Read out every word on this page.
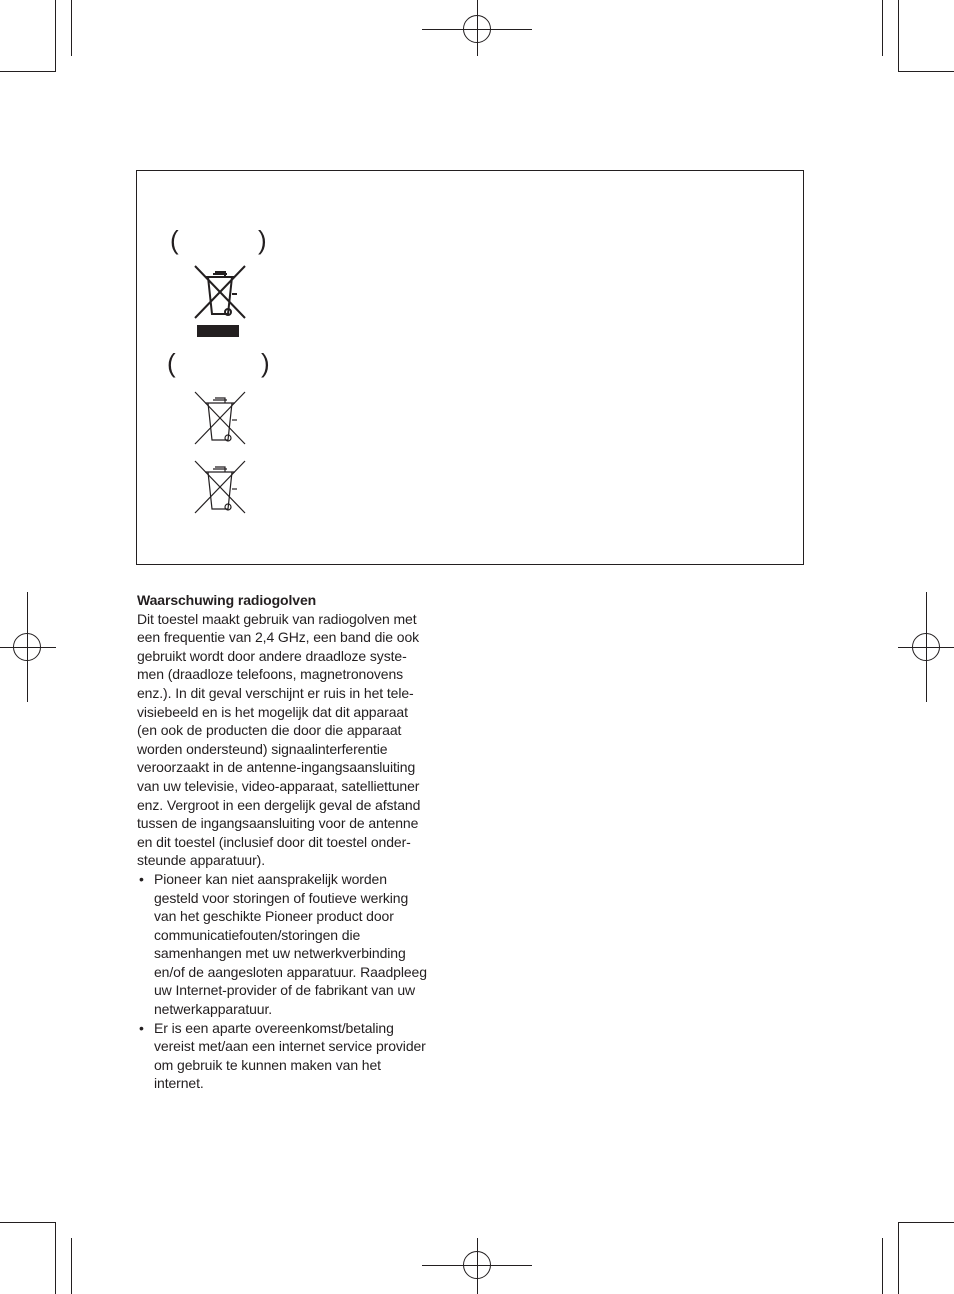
(	)
(	)

Waarschuwing radiogolven

Dit toestel maakt gebruik van radiogolven met
een frequentie van 2,4 GHz, een band die ook
gebruikt wordt door andere draadloze syste-
men (draadloze telefoons, magnetronovens
enz.). In dit geval verschijnt er ruis in het tele-
visiebeeld en is het mogelijk dat dit apparaat
(en ook de producten die door die apparaat
worden ondersteund) signaalinterferentie
veroorzaakt in de antenne-ingangsaansluiting
van uw televisie, video-apparaat, satelliettuner
enz. Vergroot in een dergelijk geval de afstand
tussen de ingangsaansluiting voor de antenne
en dit toestel (inclusief door dit toestel onder-
steunde apparatuur).

• Pioneer kan niet aansprakelijk worden
gesteld voor storingen of foutieve werking
van het geschikte Pioneer product door
communicatiefouten/storingen die
samenhangen met uw netwerkverbinding
en/of de aangesloten apparatuur. Raadpleeg
uw Internet-provider of de fabrikant van uw
netwerkapparatuur.
• Er is een aparte overeenkomst/betaling
vereist met/aan een internet service provider
om gebruik te kunnen maken van het
internet.
